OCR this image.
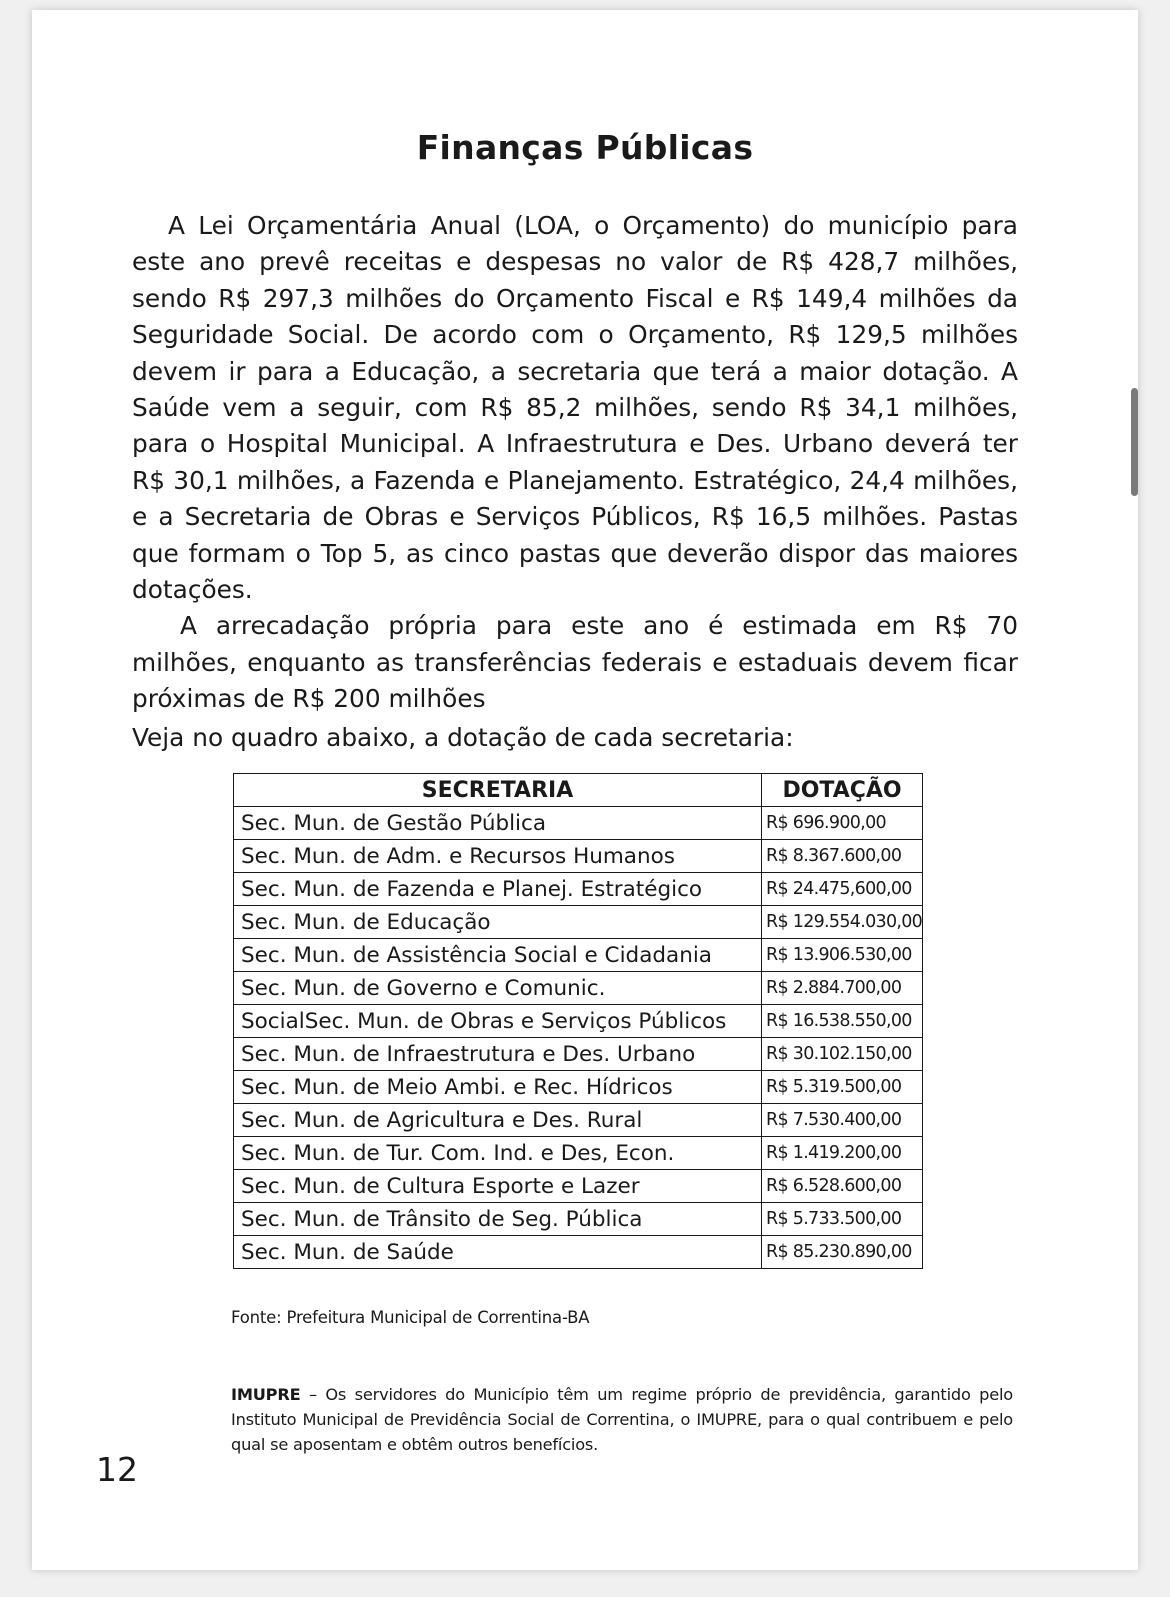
Finanças Públicas

A Lei Orçamentária Anual (LOA, o Orçamento) do município para este ano prevê receitas e despesas no valor de R$ 428,7 milhões, sendo R$ 297,3 milhões do Orçamento Fiscal e R$ 149,4 milhões da Seguridade Social. De acordo com o Orçamento, R$ 129,5 milhões devem ir para a Educação, a secretaria que terá a maior dotação. A Saúde vem a seguir, com R$ 85,2 milhões, sendo R$ 34,1 milhões, para o Hospital Municipal. A Infraestrutura e Des. Urbano deverá ter R$ 30,1 milhões, a Fazenda e Planejamento. Estratégico, 24,4 milhões, e a Secretaria de Obras e Serviços Públicos, R$ 16,5 milhões. Pastas que formam o Top 5, as cinco pastas que deverão dispor das maiores dotações.

A arrecadação própria para este ano é estimada em R$ 70 milhões, enquanto as transferências federais e estaduais devem ficar próximas de R$ 200 milhões

Veja no quadro abaixo, a dotação de cada secretaria:
SECRETARIA	DOTAÇÃO
Sec. Mun. de Gestão Pública	R$ 696.900,00
Sec. Mun. de Adm. e Recursos Humanos	R$ 8.367.600,00
Sec. Mun. de Fazenda e Planej. Estratégico	R$ 24.475,600,00
Sec. Mun. de Educação	R$ 129.554.030,00
Sec. Mun. de Assistência Social e Cidadania	R$ 13.906.530,00
Sec. Mun. de Governo e Comunic.	R$ 2.884.700,00
SocialSec. Mun. de Obras e Serviços Públicos	R$ 16.538.550,00
Sec. Mun. de Infraestrutura e Des. Urbano	R$ 30.102.150,00
Sec. Mun. de Meio Ambi. e Rec. Hídricos	R$ 5.319.500,00
Sec. Mun. de Agricultura e Des. Rural	R$ 7.530.400,00
Sec. Mun. de Tur. Com. Ind. e Des, Econ.	R$ 1.419.200,00
Sec. Mun. de Cultura Esporte e Lazer	R$ 6.528.600,00
Sec. Mun. de Trânsito de Seg. Pública	R$ 5.733.500,00
Sec. Mun. de Saúde	R$ 85.230.890,00
Fonte: Prefeitura Municipal de Correntina-BA
IMUPRE – Os servidores do Município têm um regime próprio de previdência, garantido pelo Instituto Municipal de Previdência Social de Correntina, o IMUPRE, para o qual contribuem e pelo qual se aposentam e obtêm outros benefícios.
12
